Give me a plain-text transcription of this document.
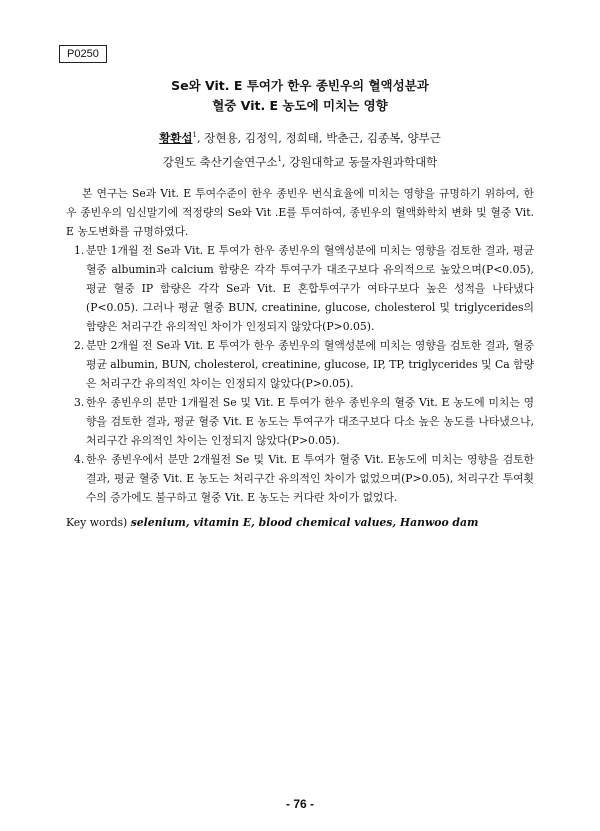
P0250
Se와 Vit. E 투여가 한우 종빈우의 혈액성분과
혈중 Vit. E 농도에 미치는 영향
황환섭$^1$, 장현용, 김정익, 정희태, 박춘근, 김종복, 양부근
강원도 축산기술연구소$^1$, 강원대학교 동물자원과학대학

본 연구는 Se과 Vit. E 투여수준이 한우 종빈우 번식효율에 미치는 영향을 규명하기 위하여, 한우 종빈우의 임신말기에 적정량의 Se와 Vit .E를 투여하여, 종빈우의 혈액화학치 변화 및 혈중 Vit. E 농도변화를 규명하였다.

1. 분만 1개월 전 Se과 Vit. E 투여가 한우 종빈우의 혈액성분에 미치는 영향을 검토한 결과, 평균 혈중 albumin과 calcium 함량은 각각 투여구가 대조구보다 유의적으로 높았으며(P<0.05), 평균 혈중 IP 함량은 각각 Se과 Vit. E 혼합투여구가 여타구보다 높은 성적을 나타냈다(P<0.05). 그러나 평균 혈중 BUN, creatinine, glucose, cholesterol 및 triglycerides의 함량은 처리구간 유의적인 차이가 인정되지 않았다(P>0.05).
2. 분만 2개월 전 Se과 Vit. E 투여가 한우 종빈우의 혈액성분에 미치는 영향을 검토한 결과, 혈중 평균 albumin, BUN, cholesterol, creatinine, glucose, IP, TP, triglycerides 및 Ca 함량은 처리구간 유의적인 차이는 인정되지 않았다(P>0.05).
3. 한우 종빈우의 분만 1개월전 Se 및 Vit. E 투여가 한우 종빈우의 혈중 Vit. E 농도에 미치는 영향을 검토한 결과, 평균 혈중 Vit. E 농도는 투여구가 대조구보다 다소 높은 농도를 나타냈으나, 처리구간 유의적인 차이는 인정되지 않았다(P>0.05).
4. 한우 종빈우에서 분만 2개월전 Se 및 Vit. E 투여가 혈중 Vit. E농도에 미치는 영향을 검토한 결과, 평균 혈중 Vit. E 농도는 처리구간 유의적인 차이가 없었으며(P>0.05), 처리구간 투여횟수의 증가에도 불구하고 혈중 Vit. E 농도는 커다란 차이가 없었다.
Key words) selenium, vitamin E, blood chemical values, Hanwoo dam
- 76 -
